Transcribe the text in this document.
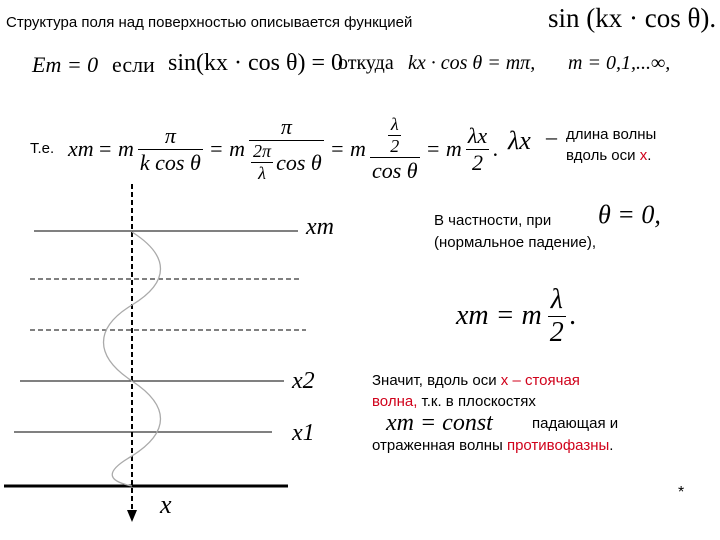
Структура поля над поверхностью описывается функцией	sin (kx · cos θ).
Em = 0 если sin(kx · cos θ) = 0
откуда kx · cos θ = mπ, m = 0,1,...∞,
Т.е. xm = m $\frac{\pi}{\text{k cos θ}} = m \frac{\pi}{\frac{2\pi}{\lambda} \cos \theta} = m \frac{\frac{\lambda}{2}}{\text{cos θ}} = m \frac{\lambda x}{2}$ . λx – длина волны
вдоль оси x.
xm
x2
x1
x
В частности, при θ = 0,
(нормальное падение),
xm = m $\frac{\lambda}{2}$ .
Значит, вдоль оси x – стоячая
волна, т.к. в плоскостях
xm = const	падающая и
отраженная волны противофазны.
*
